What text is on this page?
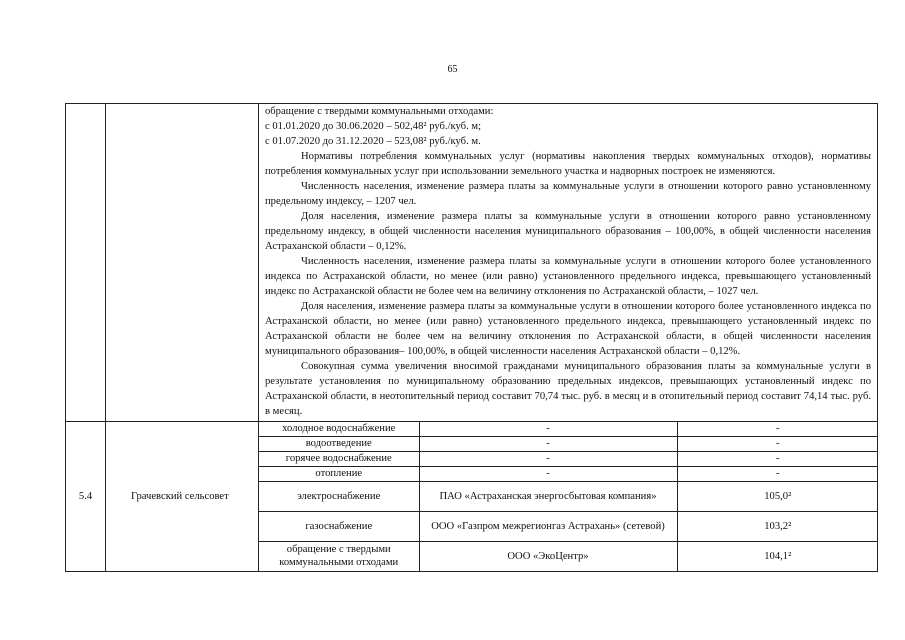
65

обращение с твердыми коммунальными отходами:

с 01.01.2020 до 30.06.2020 – 502,48² руб./куб. м;

с 01.07.2020 до 31.12.2020 – 523,08² руб./куб. м.

Нормативы потребления коммунальных услуг (нормативы накопления твердых коммунальных отходов), нормативы потребления коммунальных услуг при использовании земельного участка и надворных построек не изменяются.

Численность населения, изменение размера платы за коммунальные услуги в отношении которого равно установленному предельному индексу, – 1207 чел.

Доля населения, изменение размера платы за коммунальные услуги в отношении которого равно установленному предельному индексу, в общей численности населения муниципального образования – 100,00%, в общей численности населения Астраханской области – 0,12%.

Численность населения, изменение размера платы за коммунальные услуги в отношении которого более установленного индекса по Астраханской области, но менее (или равно) установленного предельного индекса, превышающего установленный индекс по Астраханской области не более чем на величину отклонения по Астраханской области, – 1027 чел.

Доля населения, изменение размера платы за коммунальные услуги в отношении которого более установленного индекса по Астраханской области, но менее (или равно) установленного предельного индекса, превышающего установленный индекс по Астраханской области не более чем на величину отклонения по Астраханской области, в общей численности населения муниципального образования– 100,00%, в общей численности населения Астраханской области – 0,12%.

Совокупная сумма увеличения вносимой гражданами муниципального образования платы за коммунальные услуги в результате установления по муниципальному образованию предельных индексов, превышающих установленный индекс по Астраханской области, в неотопительный период составит 70,74 тыс. руб. в месяц и в отопительный период составит 74,14 тыс. руб. в месяц.

5.4	Грачевский сельсовет	
холодное водоснабжение	-	-
водоотведение	-	-
горячее водоснабжение	-	-
отопление	-	-
электроснабжение	ПАО «Астраханская энергосбытовая компания»	105,0²
газоснабжение	ООО «Газпром межрегионгаз Астрахань» (сетевой)	103,2²
обращение с твердыми коммунальными отходами	ООО «ЭкоЦентр»	104,1²
